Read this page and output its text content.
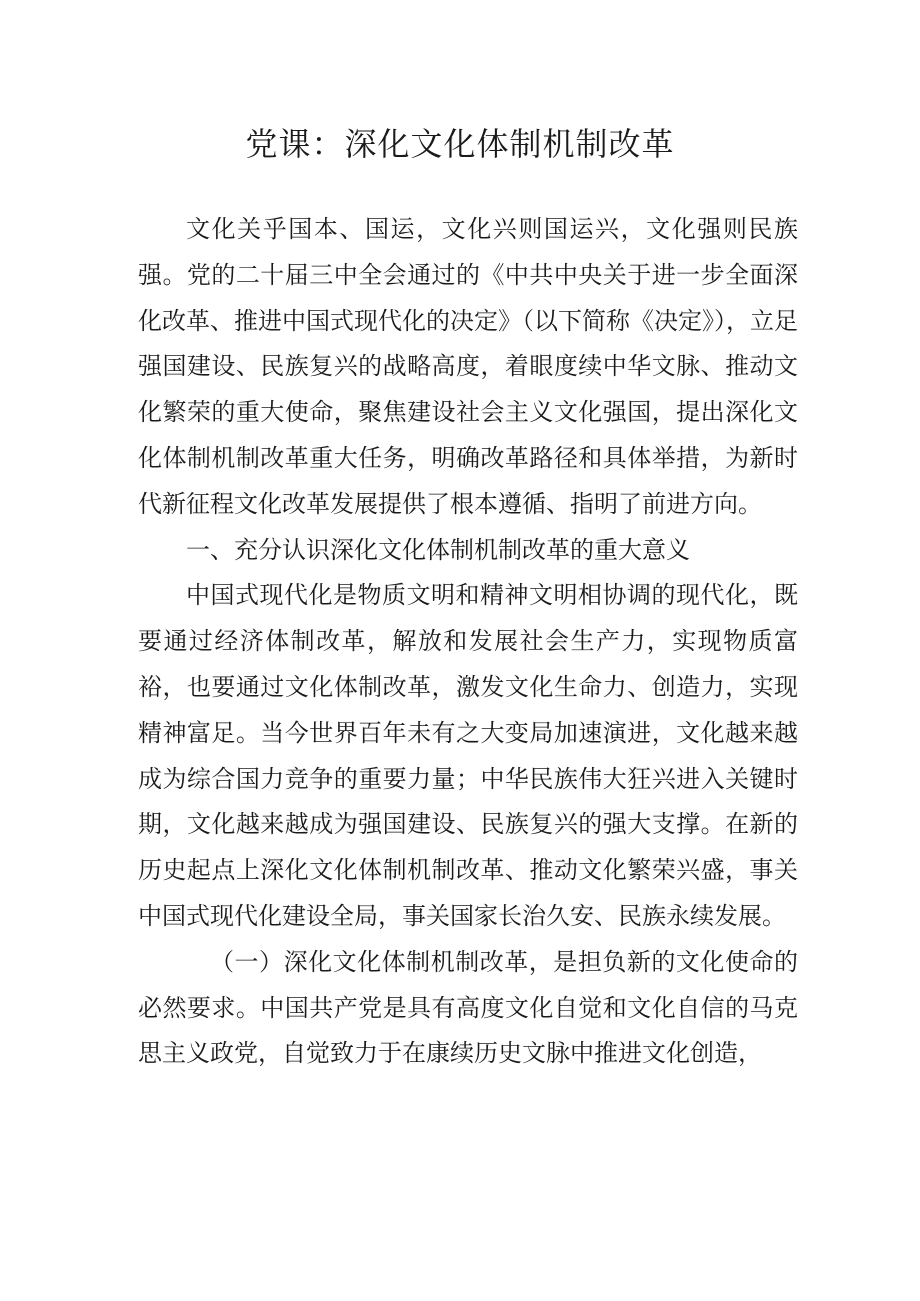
党课：深化文化体制机制改革

文化关乎国本、国运，文化兴则国运兴，文化强则民族强。党的二十届三中全会通过的《中共中央关于进一步全面深化改革、推进中国式现代化的决定》（以下简称《决定》），立足强国建设、民族复兴的战略高度，着眼度续中华文脉、推动文化繁荣的重大使命，聚焦建设社会主义文化强国，提出深化文化体制机制改革重大任务，明确改革路径和具体举措，为新时代新征程文化改革发展提供了根本遵循、指明了前进方向。

一、充分认识深化文化体制机制改革的重大意义

中国式现代化是物质文明和精神文明相协调的现代化，既要通过经济体制改革，解放和发展社会生产力，实现物质富裕，也要通过文化体制改革，激发文化生命力、创造力，实现精神富足。当今世界百年未有之大变局加速演进，文化越来越成为综合国力竞争的重要力量；中华民族伟大狂兴进入关键时期，文化越来越成为强国建设、民族复兴的强大支撑。在新的历史起点上深化文化体制机制改革、推动文化繁荣兴盛，事关中国式现代化建设全局，事关国家长治久安、民族永续发展。

（一）深化文化体制机制改革，是担负新的文化使命的必然要求。中国共产党是具有高度文化自觉和文化自信的马克思主义政党，自觉致力于在康续历史文脉中推进文化创造，
